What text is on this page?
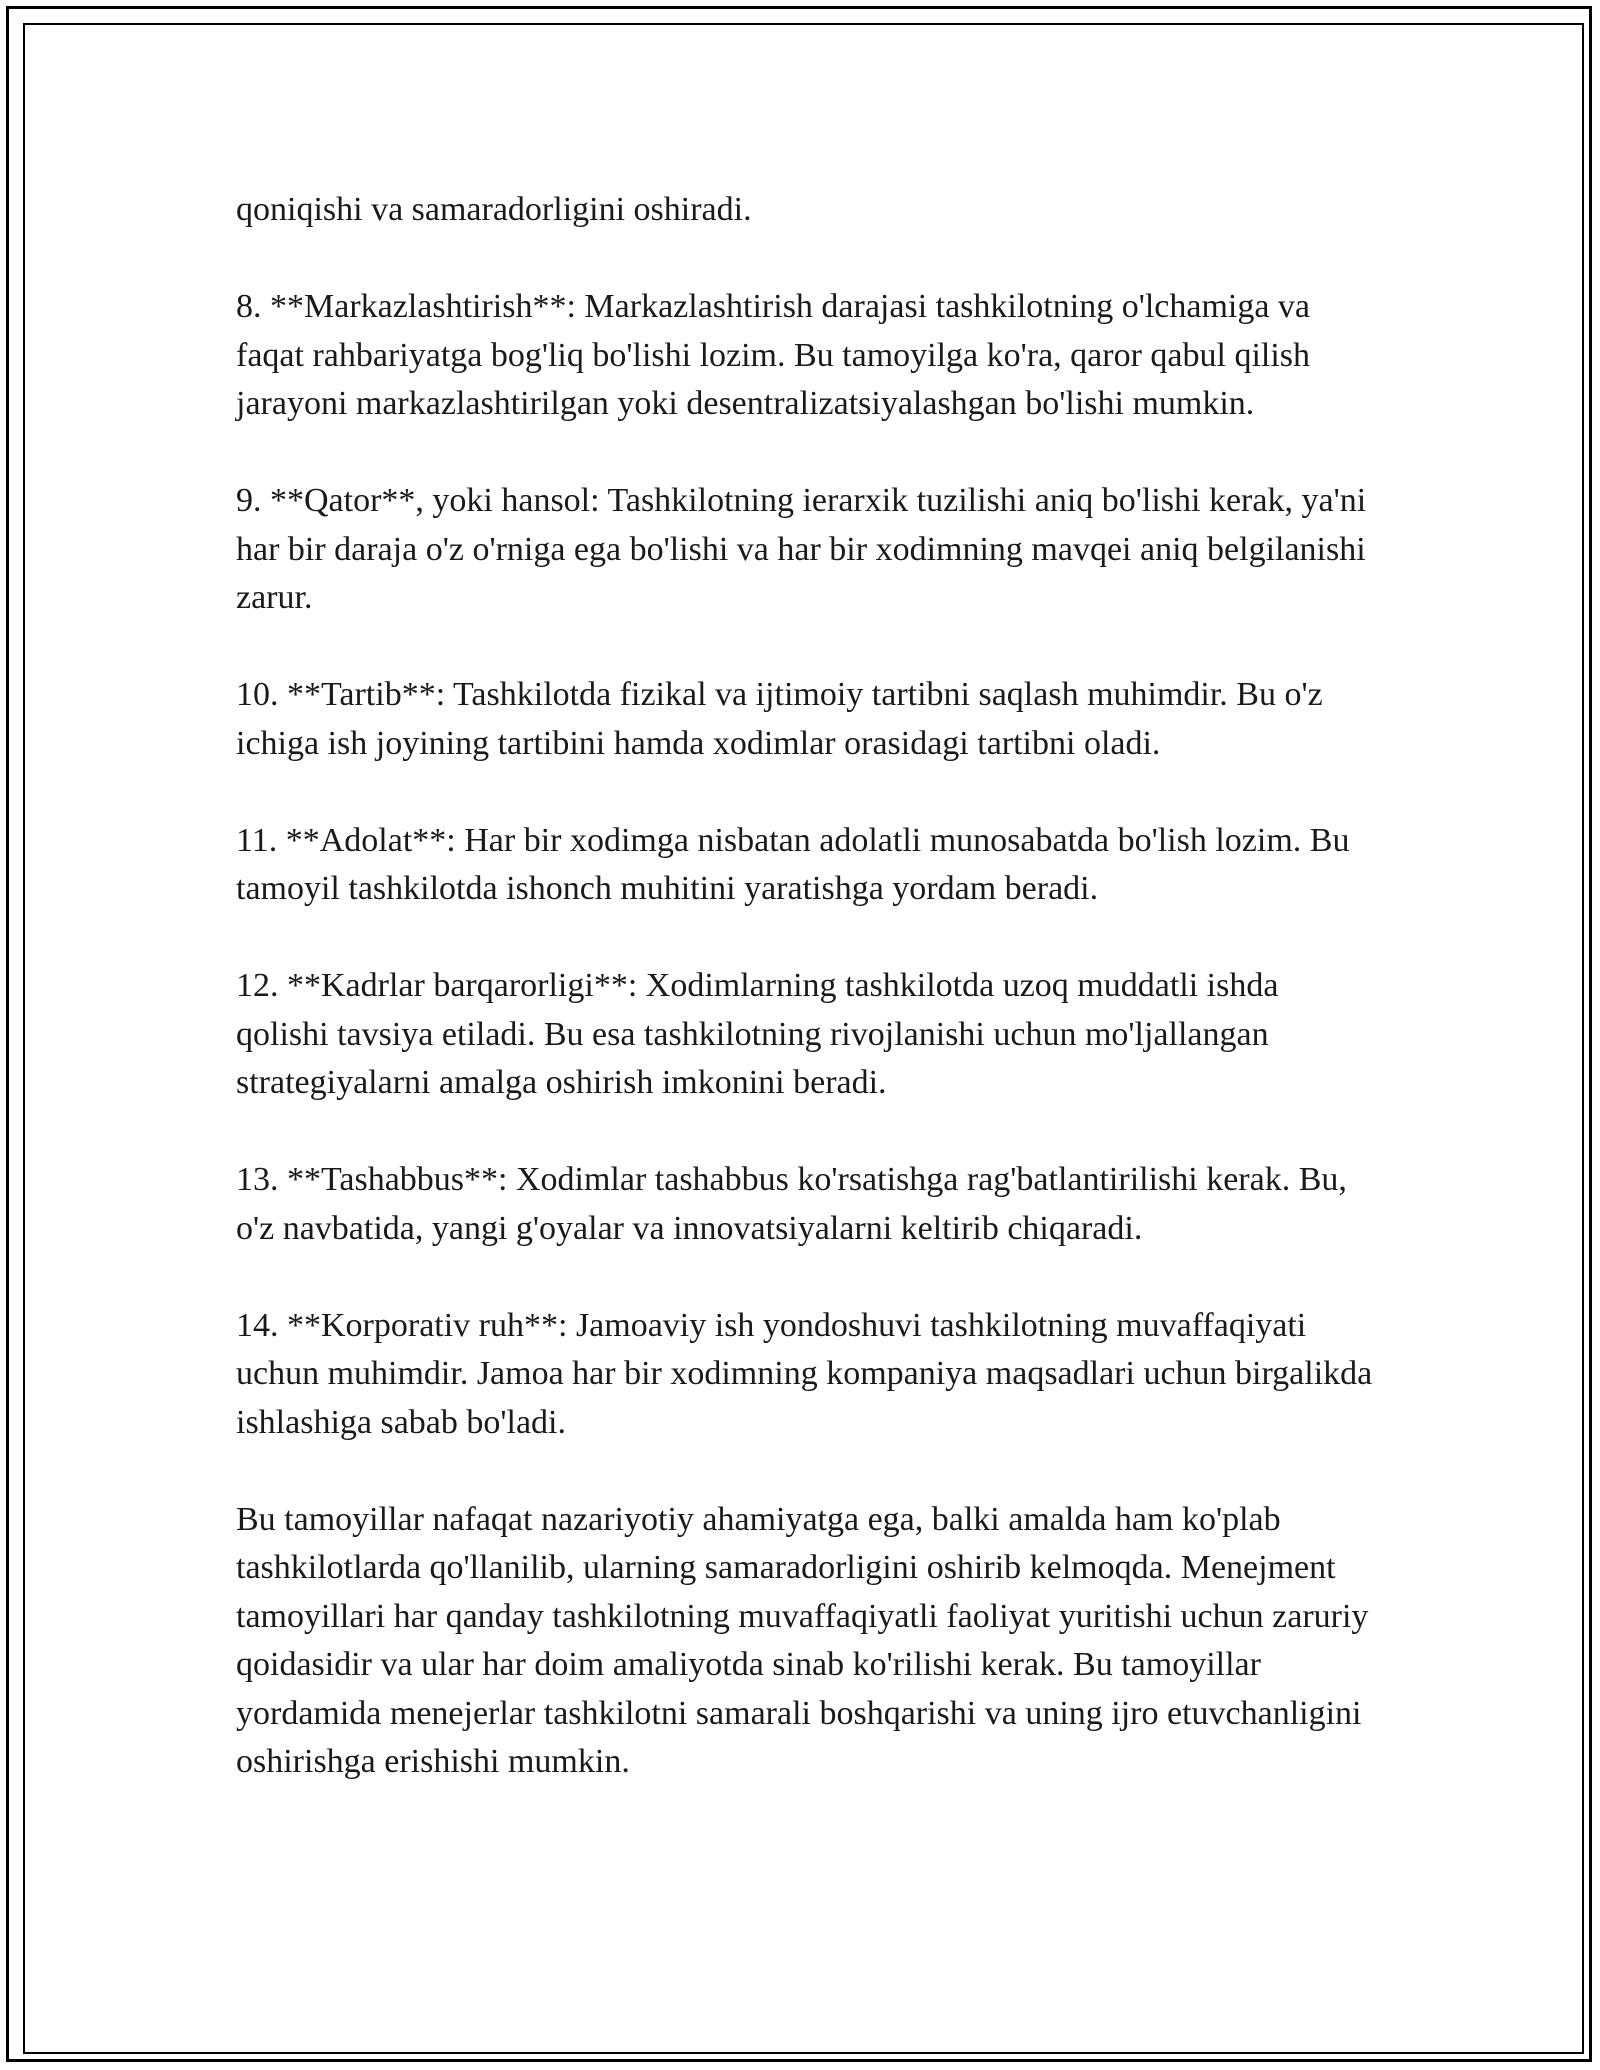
qoniqishi va samaradorligini oshiradi.

8. **Markazlashtirish**: Markazlashtirish darajasi tashkilotning o'lchamiga va faqat rahbariyatga bog'liq bo'lishi lozim. Bu tamoyilga ko'ra, qaror qabul qilish jarayoni markazlashtirilgan yoki desentralizatsiyalashgan bo'lishi mumkin.

9. **Qator**, yoki hansol: Tashkilotning ierarxik tuzilishi aniq bo'lishi kerak, ya'ni har bir daraja o'z o'rniga ega bo'lishi va har bir xodimning mavqei aniq belgilanishi zarur.

10. **Tartib**: Tashkilotda fizikal va ijtimoiy tartibni saqlash muhimdir. Bu o'z ichiga ish joyining tartibini hamda xodimlar orasidagi tartibni oladi.

11. **Adolat**: Har bir xodimga nisbatan adolatli munosabatda bo'lish lozim. Bu tamoyil tashkilotda ishonch muhitini yaratishga yordam beradi.

12. **Kadrlar barqarorligi**: Xodimlarning tashkilotda uzoq muddatli ishda qolishi tavsiya etiladi. Bu esa tashkilotning rivojlanishi uchun mo'ljallangan strategiyalarni amalga oshirish imkonini beradi.

13. **Tashabbus**: Xodimlar tashabbus ko'rsatishga rag'batlantirilishi kerak. Bu, o'z navbatida, yangi g'oyalar va innovatsiyalarni keltirib chiqaradi.

14. **Korporativ ruh**: Jamoaviy ish yondoshuvi tashkilotning muvaffaqiyati uchun muhimdir. Jamoa har bir xodimning kompaniya maqsadlari uchun birgalikda ishlashiga sabab bo'ladi.

Bu tamoyillar nafaqat nazariyotiy ahamiyatga ega, balki amalda ham ko'plab tashkilotlarda qo'llanilib, ularning samaradorligini oshirib kelmoqda. Menejment tamoyillari har qanday tashkilotning muvaffaqiyatli faoliyat yuritishi uchun zaruriy qoidasidir va ular har doim amaliyotda sinab ko'rilishi kerak. Bu tamoyillar yordamida menejerlar tashkilotni samarali boshqarishi va uning ijro etuvchanligini oshirishga erishishi mumkin.
